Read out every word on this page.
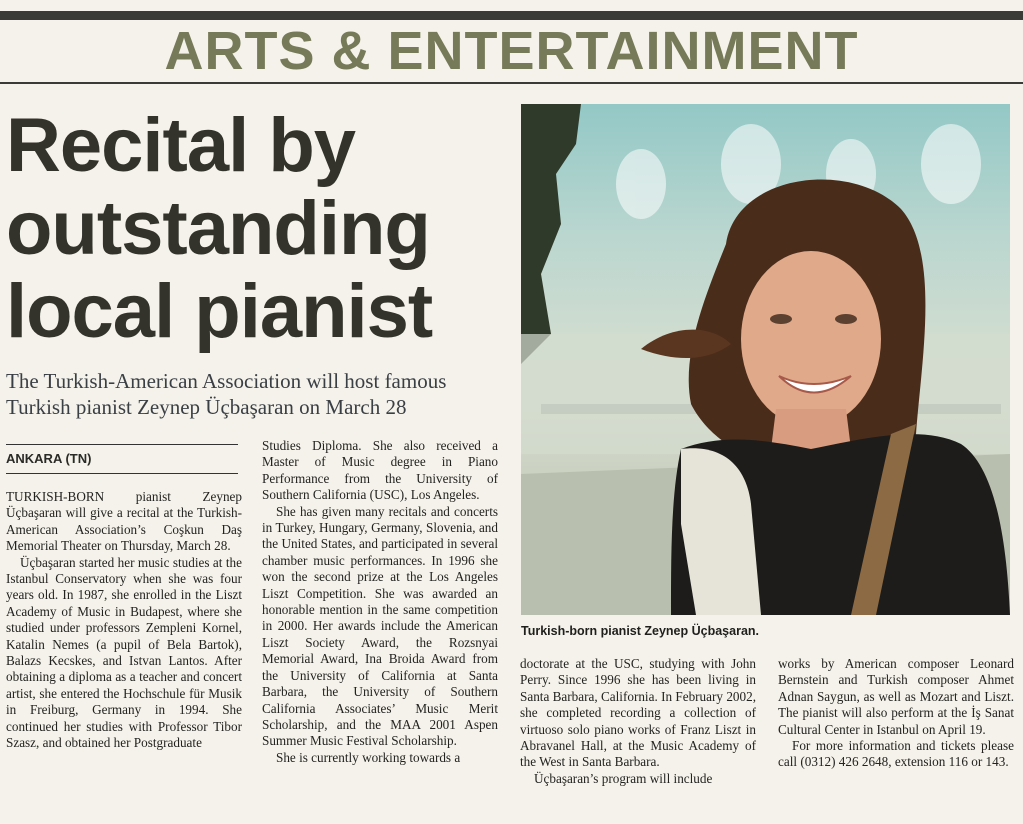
ARTS & ENTERTAINMENT
Recital by
outstanding
local pianist
The Turkish-American Association will host famous Turkish pianist Zeynep Üçbaşaran on March 28
ANKARA (TN)

TURKISH-BORN pianist Zeynep Üçbaşaran will give a recital at the Turkish-American Association’s Coşkun Daş Memorial Theater on Thursday, March 28.

Üçbaşaran started her music studies at the Istanbul Conservatory when she was four years old. In 1987, she enrolled in the Liszt Academy of Music in Budapest, where she studied under professors Zempleni Kornel, Katalin Nemes (a pupil of Bela Bartok), Balazs Kecskes, and Istvan Lantos. After obtaining a diploma as a teacher and concert artist, she entered the Hochschule für Musik in Freiburg, Germany in 1994. She continued her studies with Professor Tibor Szasz, and obtained her Postgraduate

Studies Diploma. She also received a Master of Music degree in Piano Performance from the University of Southern California (USC), Los Angeles.

She has given many recitals and concerts in Turkey, Hungary, Germany, Slovenia, and the United States, and participated in several chamber music performances. In 1996 she won the second prize at the Los Angeles Liszt Competition. She was awarded an honorable mention in the same competition in 2000. Her awards include the American Liszt Society Award, the Rozsnyai Memorial Award, Ina Broida Award from the University of California at Santa Barbara, the University of Southern California Associates’ Music Merit Scholarship, and the MAA 2001 Aspen Summer Music Festival Scholarship.

She is currently working towards a

Turkish-born pianist Zeynep Üçbaşaran.

doctorate at the USC, studying with John Perry. Since 1996 she has been living in Santa Barbara, California. In February 2002, she completed recording a collection of virtuoso solo piano works of Franz Liszt in Abravanel Hall, at the Music Academy of the West in Santa Barbara.

Üçbaşaran’s program will include

works by American composer Leonard Bernstein and Turkish composer Ahmet Adnan Saygun, as well as Mozart and Liszt. The pianist will also perform at the İş Sanat Cultural Center in Istanbul on April 19.

For more information and tickets please call (0312) 426 2648, extension 116 or 143.
